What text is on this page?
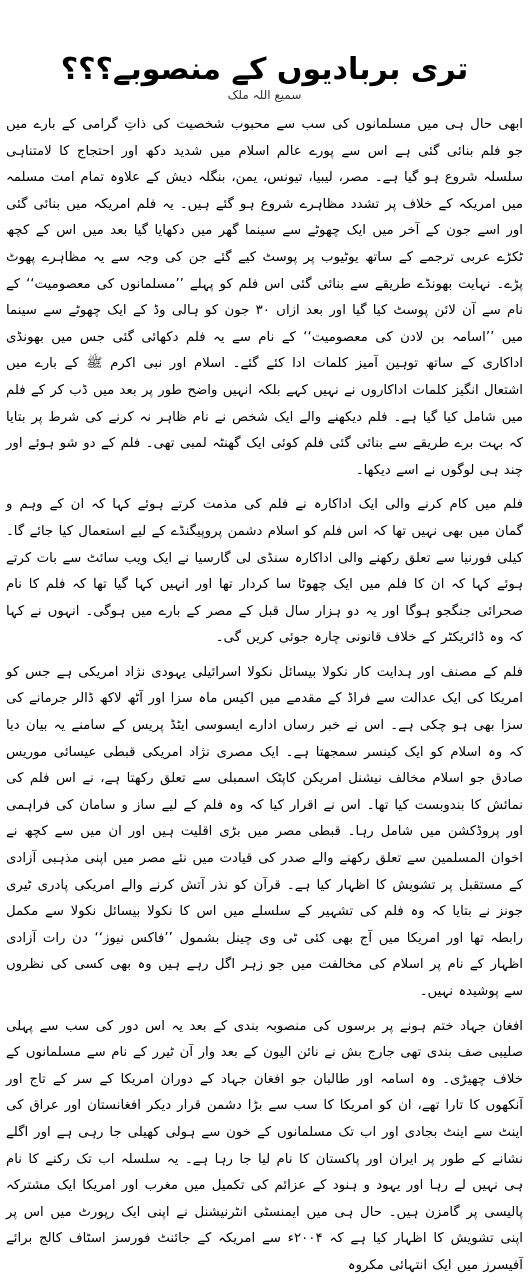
تری بربادیوں کے منصوبے؟؟؟
سمیع اللہ ملک

ابھی حال ہی میں مسلمانوں کی سب سے محبوب شخصیت کی ذاتِ گرامی کے بارے میں جو فلم بنائی گئی ہے اس سے پورے عالم اسلام میں شدید دکھ اور احتجاج کا لامتناہی سلسلہ شروع ہو گیا ہے۔ مصر، لیبیا، تیونس، یمن، بنگلہ دیش کے علاوہ تمام امت مسلمہ میں امریکہ کے خلاف پر تشدد مظاہرے شروع ہو گئے ہیں۔ یہ فلم امریکہ میں بنائی گئی اور اسے جون کے آخر میں ایک چھوٹے سے سینما گھر میں دکھایا گیا بعد میں اس کے کچھ ٹکڑے عربی ترجمے کے ساتھ یوٹیوب پر پوسٹ کیے گئے جن کی وجہ سے یہ مظاہرے پھوٹ پڑے۔ نہایت بھونڈے طریقے سے بنائی گئی اس فلم کو پہلے ’’مسلمانوں کی معصومیت‘‘ کے نام سے آن لائن پوسٹ کیا گیا اور بعد ازاں ۳۰ جون کو ہالی وڈ کے ایک چھوٹے سے سینما میں ’’اسامہ بن لادن کی معصومیت‘‘ کے نام سے یہ فلم دکھائی گئی جس میں بھونڈی اداکاری کے ساتھ توہین آمیز کلمات ادا کئے گئے۔ اسلام اور نبی اکرم ﷺ کے بارے میں اشتعال انگیز کلمات اداکاروں نے نہیں کہے بلکہ انہیں واضح طور پر بعد میں ڈب کر کے فلم میں شامل کیا گیا ہے۔ فلم دیکھنے والے ایک شخص نے نام ظاہر نہ کرنے کی شرط پر بتایا کہ بہت برے طریقے سے بنائی گئی فلم کوئی ایک گھنٹہ لمبی تھی۔ فلم کے دو شو ہوئے اور چند ہی لوگوں نے اسے دیکھا۔

فلم میں کام کرنے والی ایک اداکارہ نے فلم کی مذمت کرتے ہوئے کہا کہ ان کے وہم و گمان میں بھی نہیں تھا کہ اس فلم کو اسلام دشمن پروپیگنڈے کے لیے استعمال کیا جائے گا۔ کیلی فورنیا سے تعلق رکھنے والی اداکارہ سنڈی لی گارسیا نے ایک ویب سائٹ سے بات کرتے ہوئے کہا کہ ان کا فلم میں ایک چھوٹا سا کردار تھا اور انہیں کہا گیا تھا کہ فلم کا نام صحرائی جنگجو ہوگا اور یہ دو ہزار سال قبل کے مصر کے بارے میں ہوگی۔ انہوں نے کہا کہ وہ ڈائریکٹر کے خلاف قانونی چارہ جوئی کریں گی۔

فلم کے مصنف اور ہدایت کار نکولا بیسائل نکولا اسرائیلی یہودی نژاد امریکی ہے جس کو امریکا کی ایک عدالت سے فراڈ کے مقدمے میں اکیس ماہ سزا اور آٹھ لاکھ ڈالر جرمانے کی سزا بھی ہو چکی ہے۔ اس نے خبر رساں ادارے ایسوسی ایٹڈ پریس کے سامنے یہ بیان دیا کہ وہ اسلام کو ایک کینسر سمجھتا ہے۔ ایک مصری نژاد امریکی قبطی عیسائی موریس صادق جو اسلام مخالف نیشنل امریکن کاپٹک اسمبلی سے تعلق رکھتا ہے، نے اس فلم کی نمائش کا بندوبست کیا تھا۔ اس نے اقرار کیا کہ وہ فلم کے لیے ساز و سامان کی فراہمی اور پروڈکشن میں شامل رہا۔ قبطی مصر میں بڑی اقلیت ہیں اور ان میں سے کچھ نے اخوان المسلمین سے تعلق رکھنے والے صدر کی قیادت میں نئے مصر میں اپنی مذہبی آزادی کے مستقبل پر تشویش کا اظہار کیا ہے۔ قرآن کو نذر آتش کرنے والے امریکی پادری ٹیری جونز نے بتایا کہ وہ فلم کی تشہیر کے سلسلے میں اس کا نکولا بیسائل نکولا سے مکمل رابطہ تھا اور امریکا میں آج بھی کئی ٹی وی چینل بشمول ’’فاکس نیوز‘‘ دن رات آزادی اظہار کے نام پر اسلام کی مخالفت میں جو زہر اگل رہے ہیں وہ بھی کسی کی نظروں سے پوشیدہ نہیں۔

افغان جہاد ختم ہونے پر برسوں کی منصوبہ بندی کے بعد یہ اس دور کی سب سے پہلی صلیبی صف بندی تھی جارج بش نے نائن الیون کے بعد وار آن ٹیرر کے نام سے مسلمانوں کے خلاف چھیڑی۔ وہ اسامہ اور طالبان جو افغان جہاد کے دوران امریکا کے سر کے تاج اور آنکھوں کا تارا تھے، ان کو امریکا کا سب سے بڑا دشمن قرار دیکر افغانستان اور عراق کی اینٹ سے اینٹ بجادی اور اب تک مسلمانوں کے خون سے ہولی کھیلی جا رہی ہے اور اگلے نشانے کے طور پر ایران اور پاکستان کا نام لیا جا رہا ہے۔ یہ سلسلہ اب تک رکنے کا نام ہی نہیں لے رہا اور یہود و ہنود کے عزائم کی تکمیل میں مغرب اور امریکا ایک مشترکہ پالیسی پر گامزن ہیں۔ حال ہی میں ایمنسٹی انٹرنیشنل نے اپنی ایک رپورٹ میں اس پر اپنی تشویش کا اظہار کیا ہے کہ ۲۰۰۴ء سے امریکہ کے جائنٹ فورسز اسٹاف کالج برائے آفیسرز میں ایک انتہائی مکروہ
